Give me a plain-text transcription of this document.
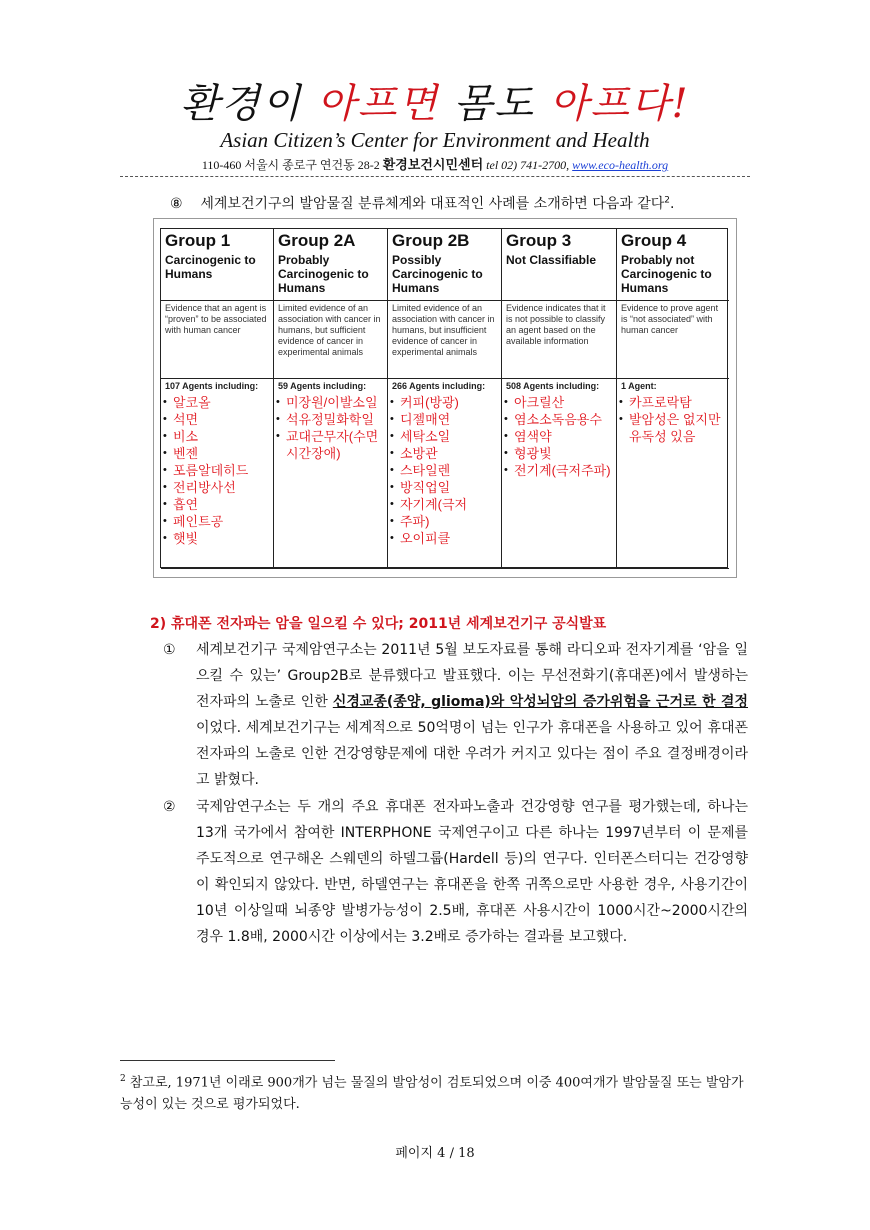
환경이 아프면 몸도 아프다!
Asian Citizen’s Center for Environment and Health
110-460 서울시 종로구 연건동 28-2 환경보건시민센터 tel 02) 741-2700, www.eco-health.org
⑧ 세계보건기구의 발암물질 분류체계와 대표적인 사례를 소개하면 다음과 같다$^2$.
Group 1
Carcinogenic to Humans
Group 2A
Probably Carcinogenic to Humans
Group 2B
Possibly Carcinogenic to Humans
Group 3
Not Classifiable
Group 4
Probably not Carcinogenic to Humans
Evidence that an agent is “proven” to be associated with human cancer
Limited evidence of an association with cancer in humans, but sufficient evidence of cancer in experimental animals
Limited evidence of an association with cancer in humans, but insufficient evidence of cancer in experimental animals
Evidence indicates that it is not possible to classify an agent based on the available information
Evidence to prove agent is “not associated” with human cancer
107 Agents including:
• 알코올
• 석면
• 비소
• 벤젠
• 포름알데히드
• 전리방사선
• 흡연
• 페인트공
• 햇빛
59 Agents including:
• 미장원/이발소일
• 석유정밀화학일
• 교대근무자(수면시간장애)
266 Agents including:
• 커피(방광)
• 디젤매연
• 세탁소일
• 소방관
• 스타일렌
• 방직업일
• 자기계(극저
• 주파)
• 오이피클
508 Agents including:
• 아크릴산
• 염소소독음용수
• 염색약
• 형광빛
• 전기계(극저주파)
1 Agent:
• 카프로락탐
• 발암성은 없지만 유독성 있음
2) 휴대폰 전자파는 암을 일으킬 수 있다; 2011년 세계보건기구 공식발표
① 세계보건기구 국제암연구소는 2011년 5월 보도자료를 통해 라디오파 전자기계를 ‘암을 일으킬 수 있는’ Group2B로 분류했다고 발표했다. 이는 무선전화기(휴대폰)에서 발생하는 전자파의 노출로 인한 신경교종(종양, glioma)와 악성뇌암의 증가위험을 근거로 한 결정이었다. 세계보건기구는 세계적으로 50억명이 넘는 인구가 휴대폰을 사용하고 있어 휴대폰 전자파의 노출로 인한 건강영향문제에 대한 우려가 커지고 있다는 점이 주요 결정배경이라고 밝혔다.
② 국제암연구소는 두 개의 주요 휴대폰 전자파노출과 건강영향 연구를 평가했는데, 하나는 13개 국가에서 참여한 INTERPHONE 국제연구이고 다른 하나는 1997년부터 이 문제를 주도적으로 연구해온 스웨덴의 하델그룹(Hardell 등)의 연구다. 인터폰스터디는 건강영향이 확인되지 않았다. 반면, 하델연구는 휴대폰을 한쪽 귀쪽으로만 사용한 경우, 사용기간이 10년 이상일때 뇌종양 발병가능성이 2.5배, 휴대폰 사용시간이 1000시간~2000시간의 경우 1.8배, 2000시간 이상에서는 3.2배로 증가하는 결과를 보고했다.
$^2$ 참고로, 1971년 이래로 900개가 넘는 물질의 발암성이 검토되었으며 이중 400여개가 발암물질 또는 발암가능성이 있는 것으로 평가되었다.
페이지 4 / 18
